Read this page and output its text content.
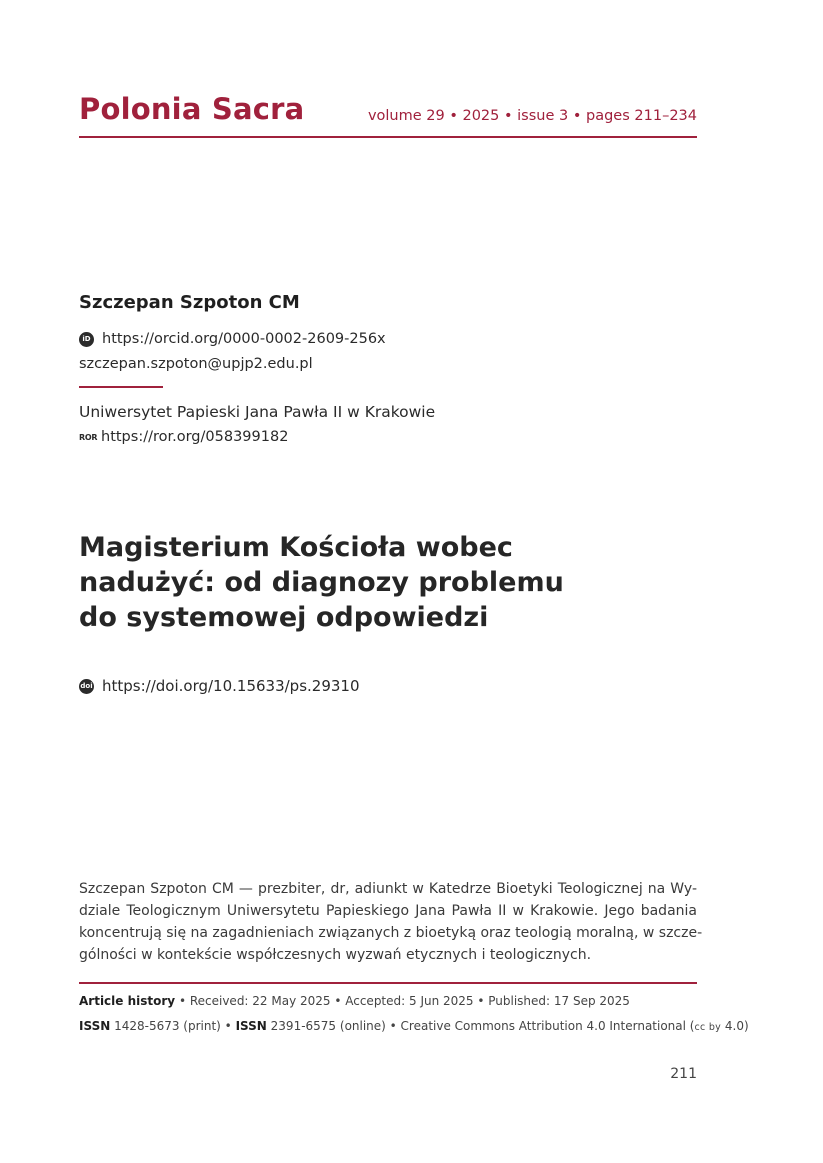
Polonia Sacra	volume 29 • 2025 • issue 3 • pages 211–234
Szczepan Szpoton CM
iD https://orcid.org/0000-0002-2609-256x
szczepan.szpoton@upjp2.edu.pl
Uniwersytet Papieski Jana Pawła II w Krakowie
ROR https://ror.org/058399182
Magisterium Kościoła wobec
nadużyć: od diagnozy problemu
do systemowej odpowiedzi
doi https://doi.org/10.15633/ps.29310
Szczepan Szpoton CM — prezbiter, dr, adiunkt w Katedrze Bioetyki Teologicznej na Wy-
dziale Teologicznym Uniwersytetu Papieskiego Jana Pawła II w Krakowie. Jego badania
koncentrują się na zagadnieniach związanych z bioetyką oraz teologią moralną, w szcze-
gólności w kontekście współczesnych wyzwań etycznych i teologicznych.
Article history • Received: 22 May 2025 • Accepted: 5 Jun 2025 • Published: 17 Sep 2025
ISSN 1428-5673 (print) • ISSN 2391-6575 (online) • Creative Commons Attribution 4.0 International (cc by 4.0)
211
